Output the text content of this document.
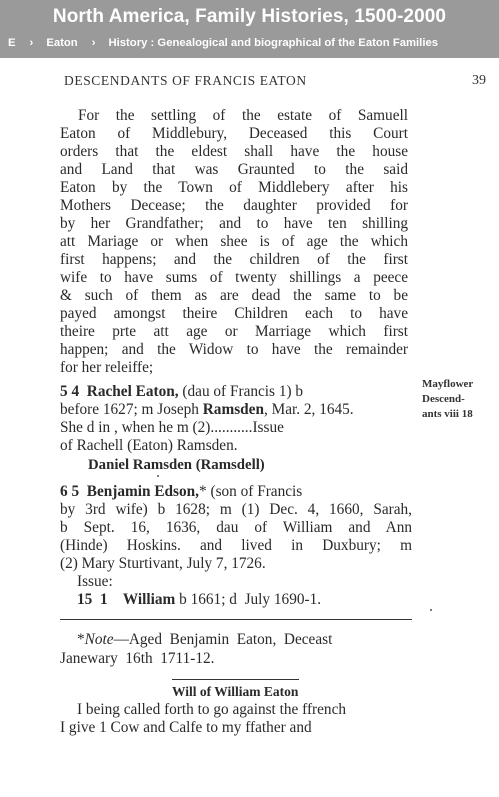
North America, Family Histories, 1500-2000
E › Eaton › History : Genealogical and biographical of the Eaton Families
DESCENDANTS OF FRANCIS EATON	39
For the settling of the estate of Samuell
Eaton of Middlebury, Deceased this Court
orders that the eldest shall have the house
and Land that was Graunted to the said
Eaton by the Town of Middlebery after his
Mothers Decease; the daughter provided for
by her Grandfather; and to have ten shilling
att Mariage or when shee is of age the which
first happens; and the children of the first
wife to have sums of twenty shillings a peece
& such of them as are dead the same to be
payed amongst theire Children each to have
theire prte att age or Marriage which first
happen; and the Widow to have the remainder
for her releiffe;
5 4 Rachel Eaton, (dau of Francis 1) b
before 1627; m Joseph Ramsden, Mar. 2, 1645.
She d in , when he m (2)...........Issue
of Rachell (Eaton) Ramsden.
Daniel Ramsden (Ramsdell)
Mayflower
Descend-
ants viii 18
6 5 Benjamin Edson,* (son of Francis
by 3rd wife) b 1628; m (1) Dec. 4, 1660, Sarah,
b Sept. 16, 1636, dau of William and Ann
(Hinde) Hoskins. and lived in Duxbury; m
(2) Mary Sturtivant, July 7, 1726.
Issue:
15  1 William b 1661; d  July 1690-1.
*Note—Aged  Benjamin  Eaton,  Deceast
Janewary  16th  1711-12.
Will of William Eaton
I being called forth to go against the ffrench
I give 1 Cow and Calfe to my ffather and
